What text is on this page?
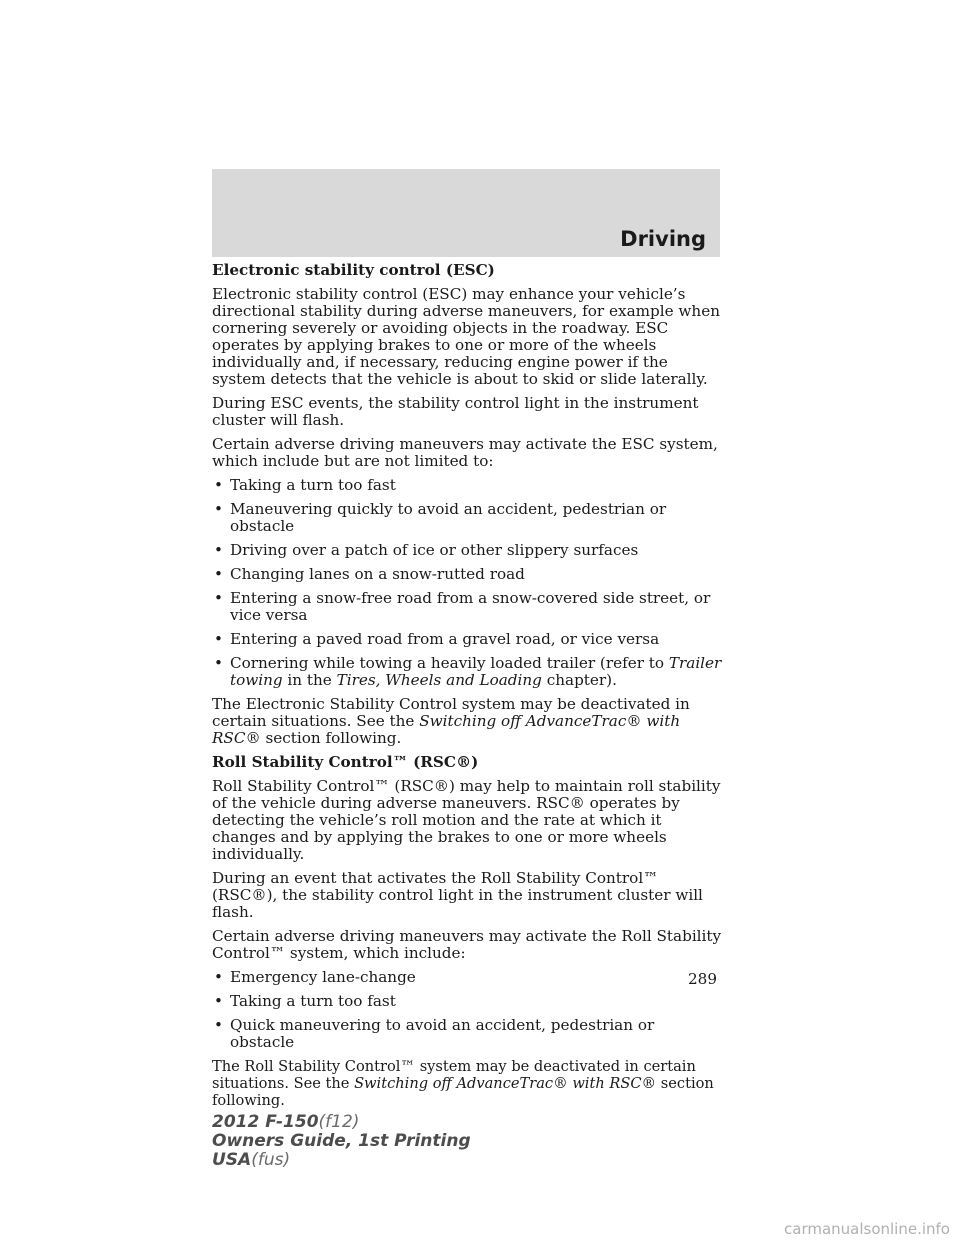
Driving

Electronic stability control (ESC)

Electronic stability control (ESC) may enhance your vehicle’s directional stability during adverse maneuvers, for example when cornering severely or avoiding objects in the roadway. ESC operates by applying brakes to one or more of the wheels individually and, if necessary, reducing engine power if the system detects that the vehicle is about to skid or slide laterally.

During ESC events, the stability control light in the instrument cluster will flash.

Certain adverse driving maneuvers may activate the ESC system, which include but are not limited to:

• Taking a turn too fast
• Maneuvering quickly to avoid an accident, pedestrian or obstacle
• Driving over a patch of ice or other slippery surfaces
• Changing lanes on a snow-rutted road
• Entering a snow-free road from a snow-covered side street, or vice versa
• Entering a paved road from a gravel road, or vice versa
• Cornering while towing a heavily loaded trailer (refer to Trailer towing in the Tires, Wheels and Loading chapter).

The Electronic Stability Control system may be deactivated in certain situations. See the Switching off AdvanceTrac® with RSC® section following.

Roll Stability Control™ (RSC®)

Roll Stability Control™ (RSC®) may help to maintain roll stability of the vehicle during adverse maneuvers. RSC® operates by detecting the vehicle’s roll motion and the rate at which it changes and by applying the brakes to one or more wheels individually.

During an event that activates the Roll Stability Control™ (RSC®), the stability control light in the instrument cluster will flash.

Certain adverse driving maneuvers may activate the Roll Stability Control™ system, which include:

• Emergency lane-change
• Taking a turn too fast
• Quick maneuvering to avoid an accident, pedestrian or obstacle

The Roll Stability Control™ system may be deactivated in certain situations. See the Switching off AdvanceTrac® with RSC® section following.

289
2012 F-150(f12)
Owners Guide, 1st Printing
USA(fus)
carmanualsonline.info
